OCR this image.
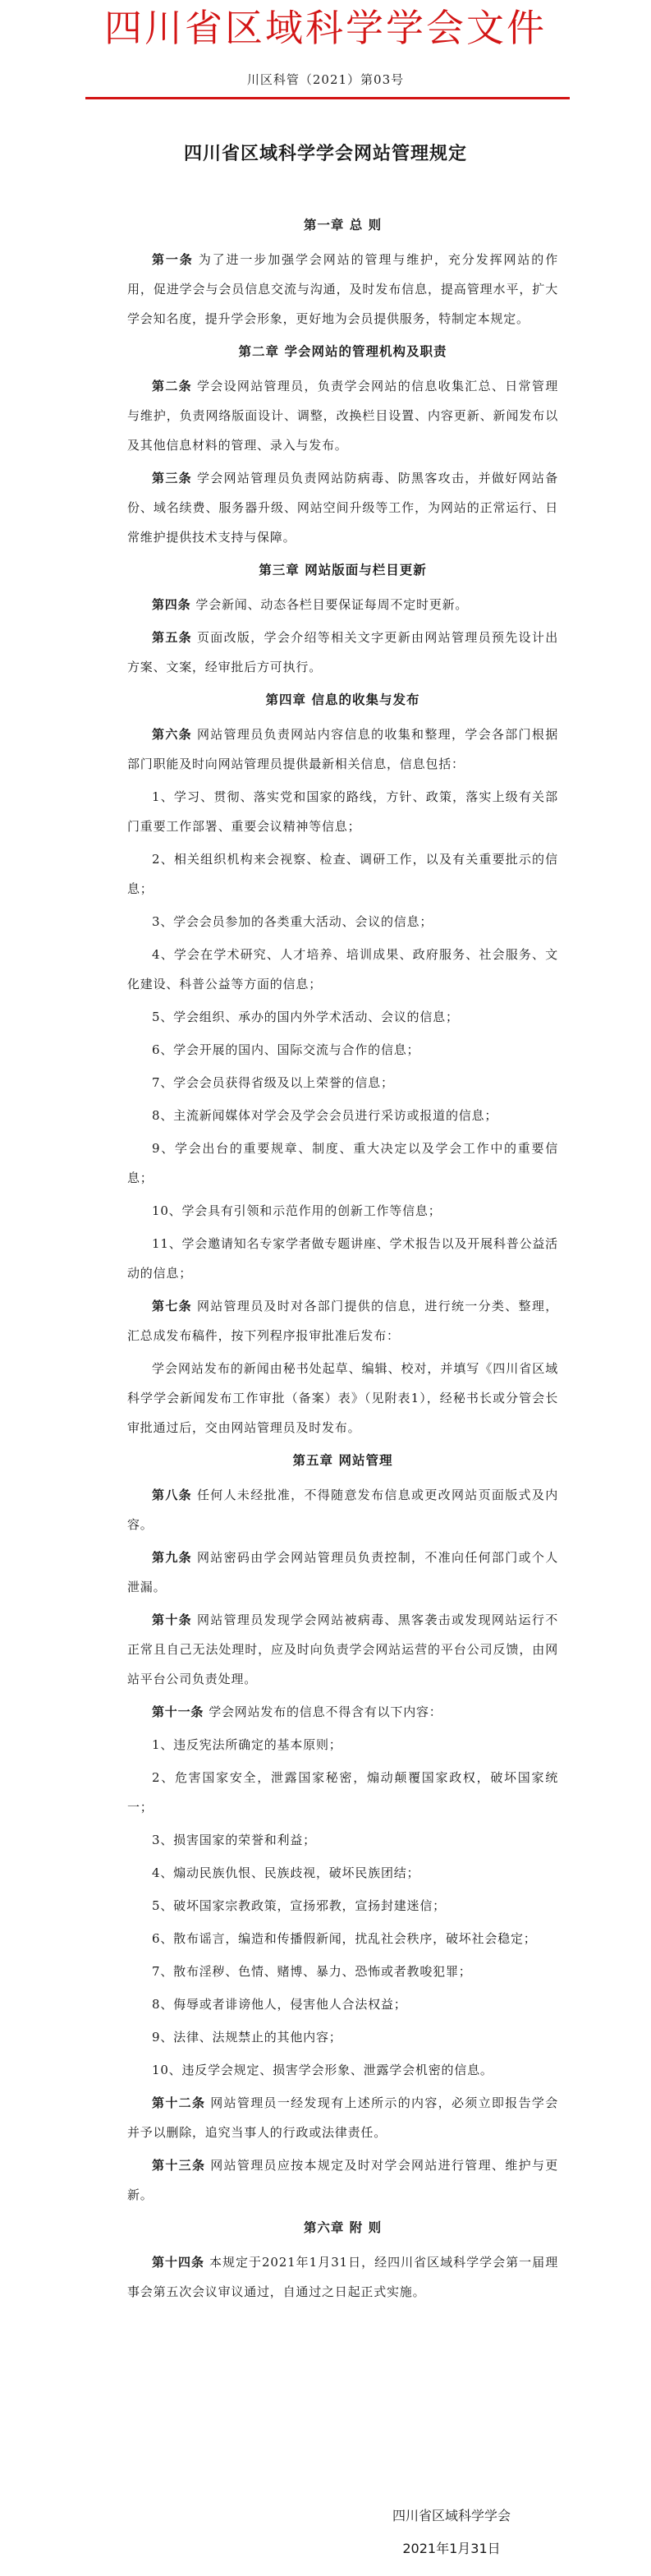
四川省区域科学学会文件
川区科管（2021）第03号
四川省区域科学学会网站管理规定
第一章 总 则
第一条 为了进一步加强学会网站的管理与维护，充分发挥网站的作用，促进学会与会员信息交流与沟通，及时发布信息，提高管理水平，扩大学会知名度，提升学会形象，更好地为会员提供服务，特制定本规定。
第二章 学会网站的管理机构及职责
第二条 学会设网站管理员，负责学会网站的信息收集汇总、日常管理与维护，负责网络版面设计、调整，改换栏目设置、内容更新、新闻发布以及其他信息材料的管理、录入与发布。
第三条 学会网站管理员负责网站防病毒、防黑客攻击，并做好网站备份、域名续费、服务器升级、网站空间升级等工作，为网站的正常运行、日常维护提供技术支持与保障。
第三章 网站版面与栏目更新
第四条 学会新闻、动态各栏目要保证每周不定时更新。
第五条 页面改版，学会介绍等相关文字更新由网站管理员预先设计出方案、文案，经审批后方可执行。
第四章 信息的收集与发布
第六条 网站管理员负责网站内容信息的收集和整理，学会各部门根据部门职能及时向网站管理员提供最新相关信息，信息包括：
1、学习、贯彻、落实党和国家的路线，方针、政策，落实上级有关部门重要工作部署、重要会议精神等信息；
2、相关组织机构来会视察、检查、调研工作，以及有关重要批示的信息；
3、学会会员参加的各类重大活动、会议的信息；
4、学会在学术研究、人才培养、培训成果、政府服务、社会服务、文化建设、科普公益等方面的信息；
5、学会组织、承办的国内外学术活动、会议的信息；
6、学会开展的国内、国际交流与合作的信息；
7、学会会员获得省级及以上荣誉的信息；
8、主流新闻媒体对学会及学会会员进行采访或报道的信息；
9、学会出台的重要规章、制度、重大决定以及学会工作中的重要信息；
10、学会具有引领和示范作用的创新工作等信息；
11、学会邀请知名专家学者做专题讲座、学术报告以及开展科普公益活动的信息；
第七条 网站管理员及时对各部门提供的信息，进行统一分类、整理，汇总成发布稿件，按下列程序报审批准后发布：
学会网站发布的新闻由秘书处起草、编辑、校对，并填写《四川省区域科学学会新闻发布工作审批（备案）表》（见附表1），经秘书长或分管会长审批通过后，交由网站管理员及时发布。
第五章 网站管理
第八条 任何人未经批准，不得随意发布信息或更改网站页面版式及内容。
第九条 网站密码由学会网站管理员负责控制，不准向任何部门或个人泄漏。
第十条 网站管理员发现学会网站被病毒、黑客袭击或发现网站运行不正常且自己无法处理时，应及时向负责学会网站运营的平台公司反馈，由网站平台公司负责处理。
第十一条 学会网站发布的信息不得含有以下内容：
1、违反宪法所确定的基本原则；
2、危害国家安全，泄露国家秘密，煽动颠覆国家政权，破坏国家统一；
3、损害国家的荣誉和利益；
4、煽动民族仇恨、民族歧视，破坏民族团结；
5、破坏国家宗教政策，宣扬邪教，宣扬封建迷信；
6、散布谣言，编造和传播假新闻，扰乱社会秩序，破坏社会稳定；
7、散布淫秽、色情、赌博、暴力、恐怖或者教唆犯罪；
8、侮辱或者诽谤他人，侵害他人合法权益；
9、法律、法规禁止的其他内容；
10、违反学会规定、损害学会形象、泄露学会机密的信息。
第十二条 网站管理员一经发现有上述所示的内容，必须立即报告学会并予以删除，追究当事人的行政或法律责任。
第十三条 网站管理员应按本规定及时对学会网站进行管理、维护与更新。
第六章 附 则
第十四条 本规定于2021年1月31日，经四川省区域科学学会第一届理事会第五次会议审议通过，自通过之日起正式实施。
四川省区域科学学会
2021年1月31日
